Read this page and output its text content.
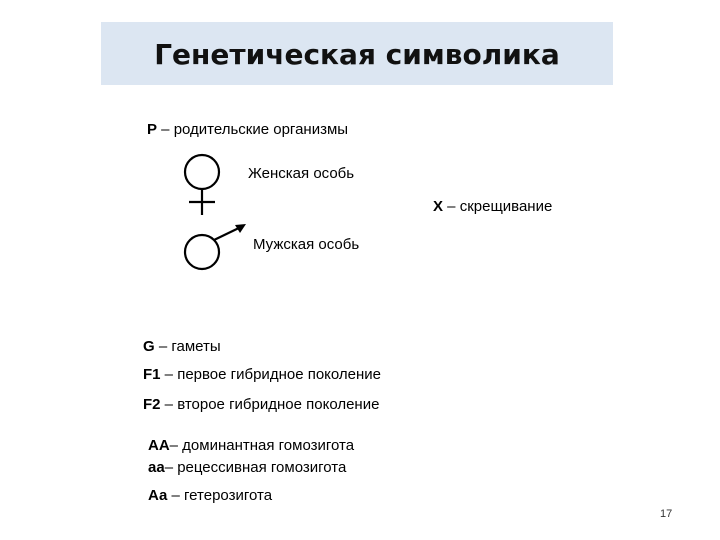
Генетическая символика
P – родительские организмы
Женская особь
X – скрещивание
Мужская особь
G – гаметы
F1 – первое гибридное поколение
F2 – второе гибридное поколение
АА– доминантная гомозигота
аа– рецессивная гомозигота
Аа – гетерозигота
17
